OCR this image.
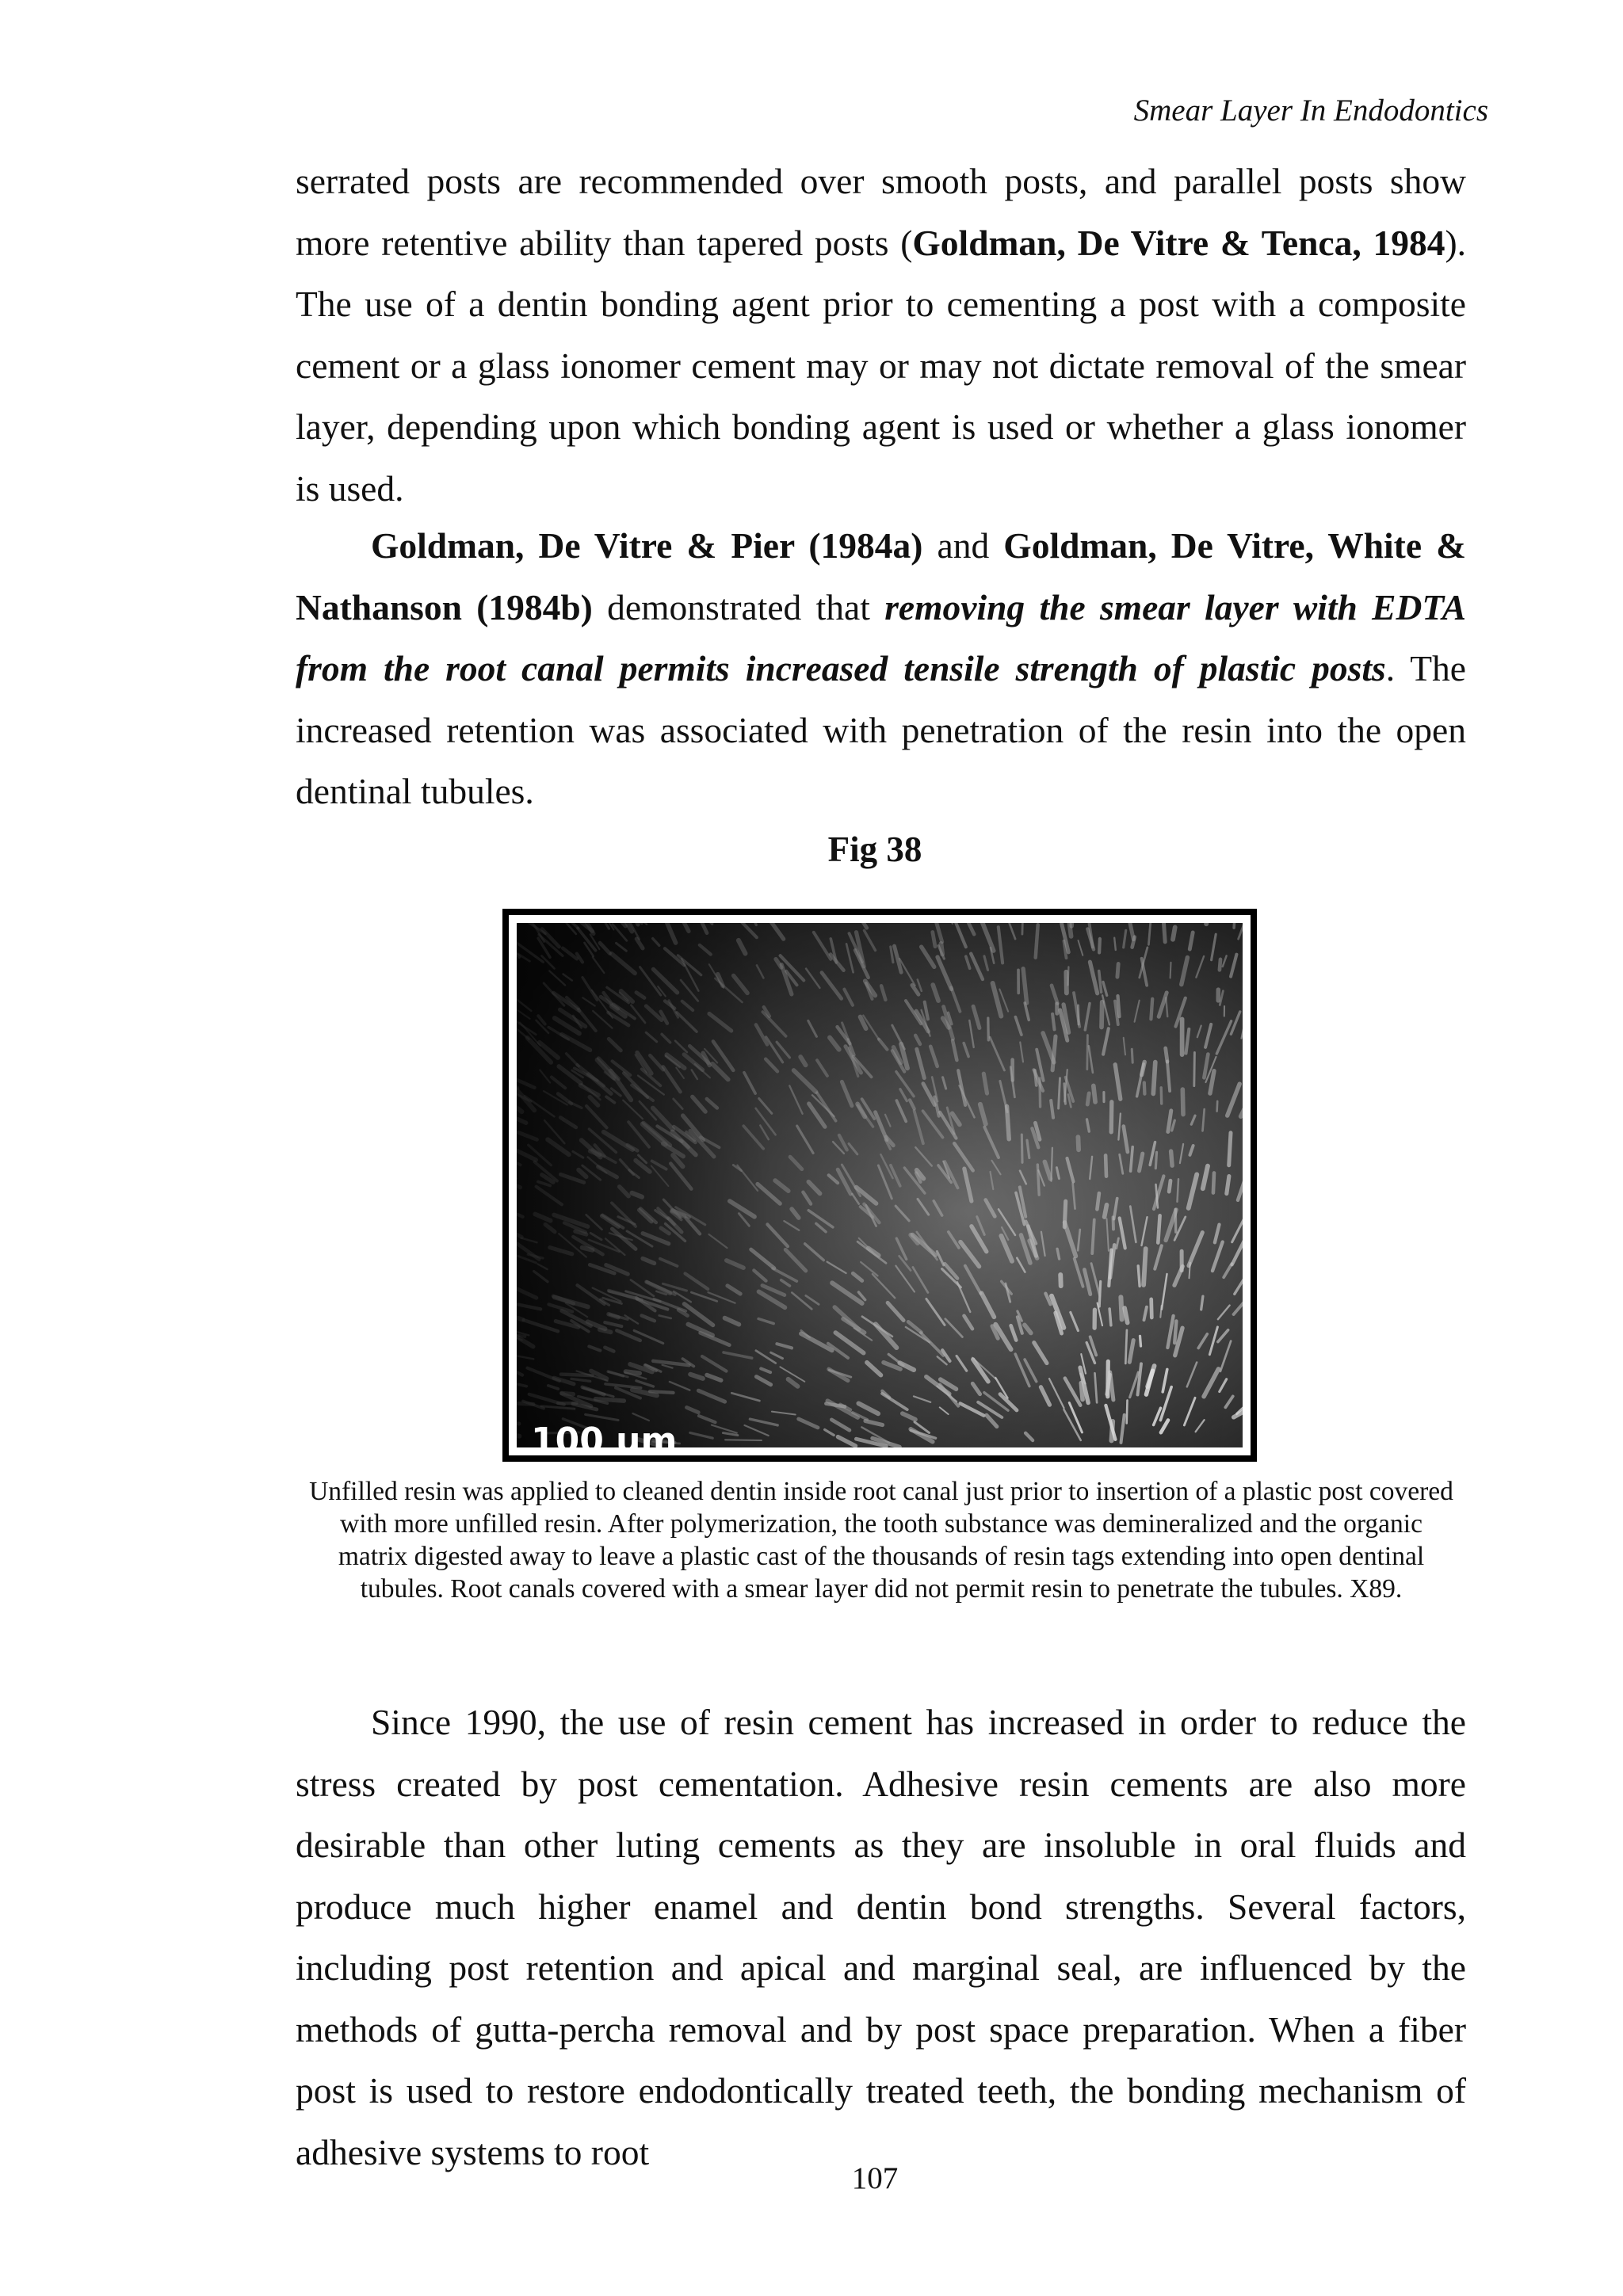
Smear Layer In Endodontics

serrated posts are recommended over smooth posts, and parallel posts show more retentive ability than tapered posts (Goldman, De Vitre & Tenca, 1984). The use of a dentin bonding agent prior to cementing a post with a composite cement or a glass ionomer cement may or may not dictate removal of the smear layer, depending upon which bonding agent is used or whether a glass ionomer is used.

Goldman, De Vitre & Pier (1984a) and Goldman, De Vitre, White & Nathanson (1984b) demonstrated that removing the smear layer with EDTA from the root canal permits increased tensile strength of plastic posts. The increased retention was associated with penetration of the resin into the open dentinal tubules.

Fig 38
100 um

Unfilled resin was applied to cleaned dentin inside root canal just prior to insertion of a plastic post covered with more unfilled resin. After polymerization, the tooth substance was demineralized and the organic matrix digested away to leave a plastic cast of the thousands of resin tags extending into open dentinal tubules. Root canals covered with a smear layer did not permit resin to penetrate the tubules. X89.

Since 1990, the use of resin cement has increased in order to reduce the stress created by post cementation. Adhesive resin cements are also more desirable than other luting cements as they are insoluble in oral fluids and produce much higher enamel and dentin bond strengths. Several factors, including post retention and apical and marginal seal, are influenced by the methods of gutta-percha removal and by post space preparation. When a fiber post is used to restore endodontically treated teeth, the bonding mechanism of adhesive systems to root

107
